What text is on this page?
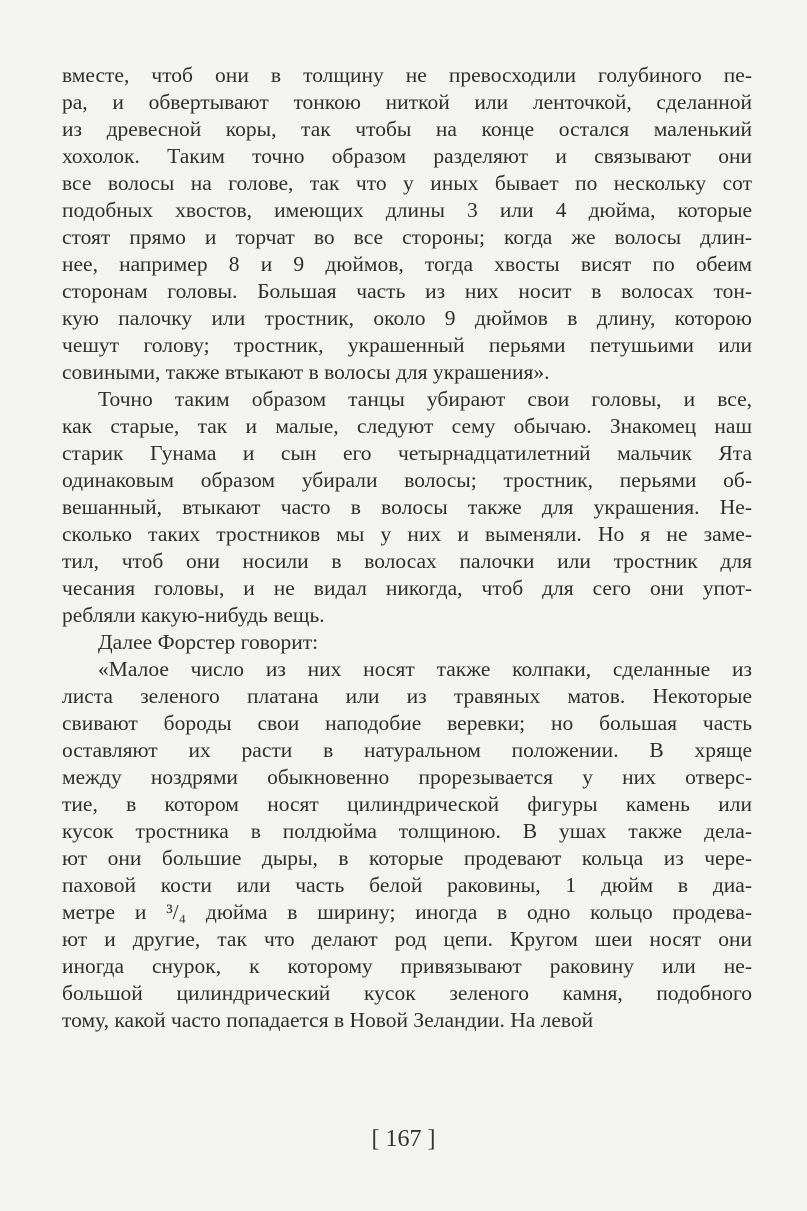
вместе, чтоб они в толщину не превосходили голубиного пе-
ра, и обвертывают тонкою ниткой или ленточкой, сделанной
из древесной коры, так чтобы на конце остался маленький
хохолок. Таким точно образом разделяют и связывают они
все волосы на голове, так что у иных бывает по нескольку сот
подобных хвостов, имеющих длины 3 или 4 дюйма, которые
стоят прямо и торчат во все стороны; когда же волосы длин-
нее, например 8 и 9 дюймов, тогда хвосты висят по обеим
сторонам головы. Большая часть из них носит в волосах тон-
кую палочку или тростник, около 9 дюймов в длину, которою
чешут голову; тростник, украшенный перьями петушьими или
совиными, также втыкают в волосы для украшения».
Точно таким образом танцы убирают свои головы, и все,
как старые, так и малые, следуют сему обычаю. Знакомец наш
старик Гунама и сын его четырнадцатилетний мальчик Ята
одинаковым образом убирали волосы; тростник, перьями об-
вешанный, втыкают часто в волосы также для украшения. Не-
сколько таких тростников мы у них и выменяли. Но я не заме-
тил, чтоб они носили в волосах палочки или тростник для
чесания головы, и не видал никогда, чтоб для сего они упот-
ребляли какую-нибудь вещь.
Далее Форстер говорит:
«Малое число из них носят также колпаки, сделанные из
листа зеленого платана или из травяных матов. Некоторые
свивают бороды свои наподобие веревки; но большая часть
оставляют их расти в натуральном положении. В хряще
между ноздрями обыкновенно прорезывается у них отверс-
тие, в котором носят цилиндрической фигуры камень или
кусок тростника в полдюйма толщиною. В ушах также дела-
ют они большие дыры, в которые продевают кольца из чере-
паховой кости или часть белой раковины, 1 дюйм в диа-
метре и ³/₄ дюйма в ширину; иногда в одно кольцо продева-
ют и другие, так что делают род цепи. Кругом шеи носят они
иногда снурок, к которому привязывают раковину или не-
большой цилиндрический кусок зеленого камня, подобного
тому, какой часто попадается в Новой Зеландии. На левой
[ 167 ]
